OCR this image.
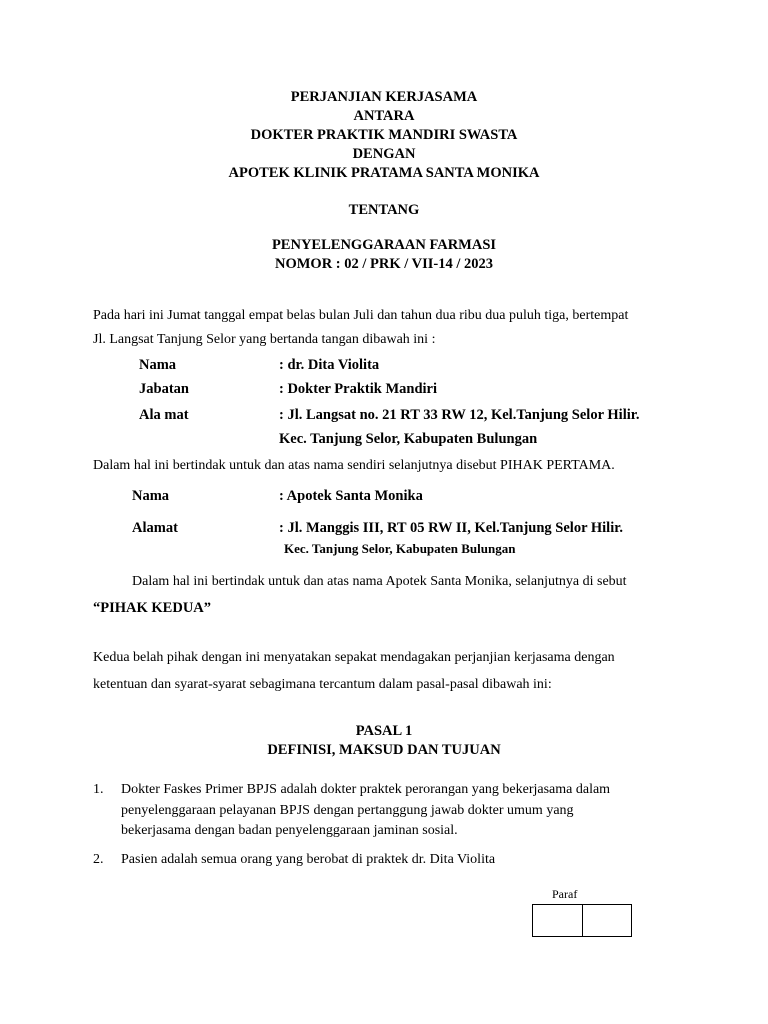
PERJANJIAN KERJASAMA
ANTARA
DOKTER PRAKTIK MANDIRI SWASTA
DENGAN
APOTEK KLINIK PRATAMA SANTA MONIKA
TENTANG
PENYELENGGARAAN FARMASI
NOMOR : 02 / PRK / VII-14 / 2023
Pada hari ini Jumat tanggal empat belas bulan Juli dan tahun dua ribu dua puluh tiga, bertempat
Jl. Langsat Tanjung Selor yang bertanda tangan dibawah ini :
Nama	: dr. Dita Violita
Jabatan	: Dokter Praktik Mandiri
Ala mat	: Jl. Langsat no. 21 RT 33 RW 12, Kel.Tanjung Selor Hilir.
Kec. Tanjung Selor, Kabupaten Bulungan
Dalam hal ini bertindak untuk dan atas nama sendiri selanjutnya disebut PIHAK PERTAMA.
Nama	: Apotek Santa Monika
Alamat	: Jl. Manggis III, RT 05 RW II, Kel.Tanjung Selor Hilir.
Kec. Tanjung Selor, Kabupaten Bulungan
Dalam hal ini bertindak untuk dan atas nama Apotek Santa Monika, selanjutnya di sebut
“PIHAK KEDUA”
Kedua belah pihak dengan ini menyatakan sepakat mendagakan perjanjian kerjasama dengan
ketentuan dan syarat-syarat sebagimana tercantum dalam pasal-pasal dibawah ini:
PASAL 1
DEFINISI, MAKSUD DAN TUJUAN
1. Dokter Faskes Primer BPJS adalah dokter praktek perorangan yang bekerjasama dalam
penyelenggaraan pelayanan BPJS dengan pertanggung jawab dokter umum yang
bekerjasama dengan badan penyelenggaraan jaminan sosial.
2. Pasien adalah semua orang yang berobat di praktek dr. Dita Violita
Paraf
